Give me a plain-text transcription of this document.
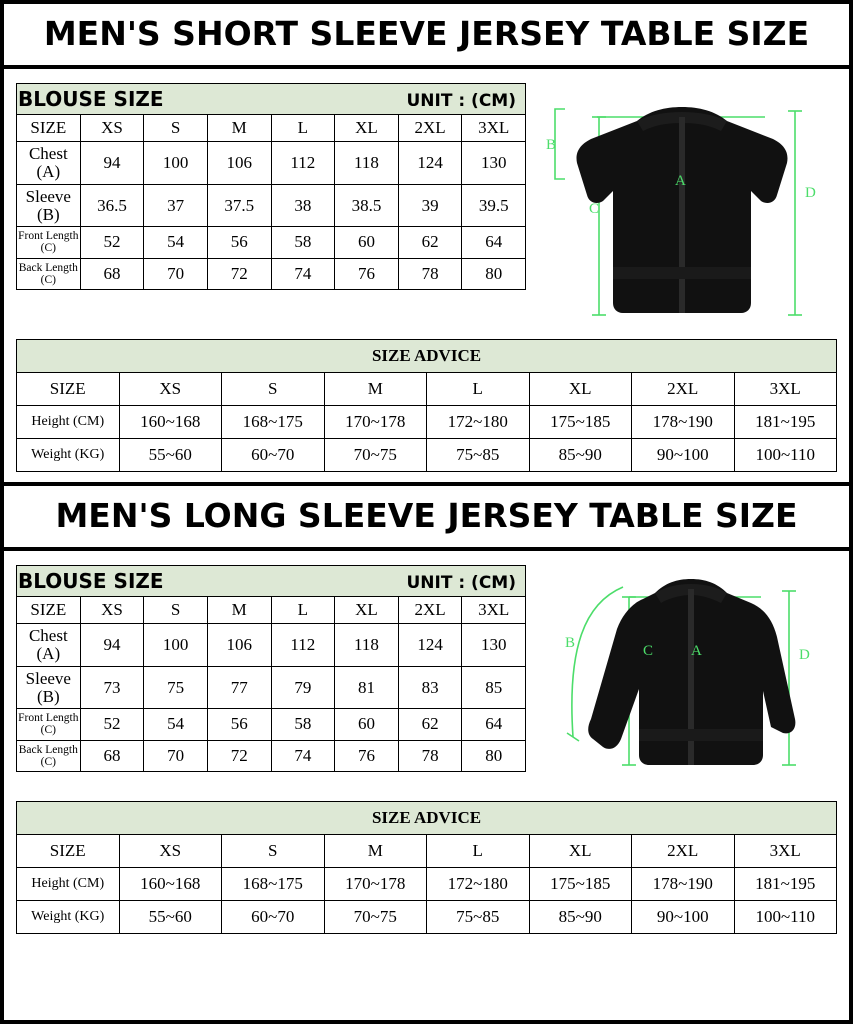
MEN'S SHORT SLEEVE JERSEY TABLE SIZE
BLOUSE SIZE UNIT : (CM)							

SIZE	XS	S	M	L	XL	2XL	3XL
Chest
(A)	94	100	106	112	118	124	130
Sleeve
(B)	36.5	37	37.5	38	38.5	39	39.5
Front Length
(C)	52	54	56	58	60	62	64
Back Length
(C)	68	70	72	74	76	78	80
B
A
C
D
SIZE ADVICE							
SIZE	XS	S	M	L	XL	2XL	3XL
Height (CM)	160~168	168~175	170~178	172~180	175~185	178~190	181~195
Weight (KG)	55~60	60~70	70~75	75~85	85~90	90~100	100~110
MEN'S LONG SLEEVE JERSEY TABLE SIZE
BLOUSE SIZE UNIT : (CM)							

SIZE	XS	S	M	L	XL	2XL	3XL
Chest
(A)	94	100	106	112	118	124	130
Sleeve
(B)	73	75	77	79	81	83	85
Front Length
(C)	52	54	56	58	60	62	64
Back Length
(C)	68	70	72	74	76	78	80
B	C	A	D
SIZE ADVICE							
SIZE	XS	S	M	L	XL	2XL	3XL
Height (CM)	160~168	168~175	170~178	172~180	175~185	178~190	181~195
Weight (KG)	55~60	60~70	70~75	75~85	85~90	90~100	100~110
